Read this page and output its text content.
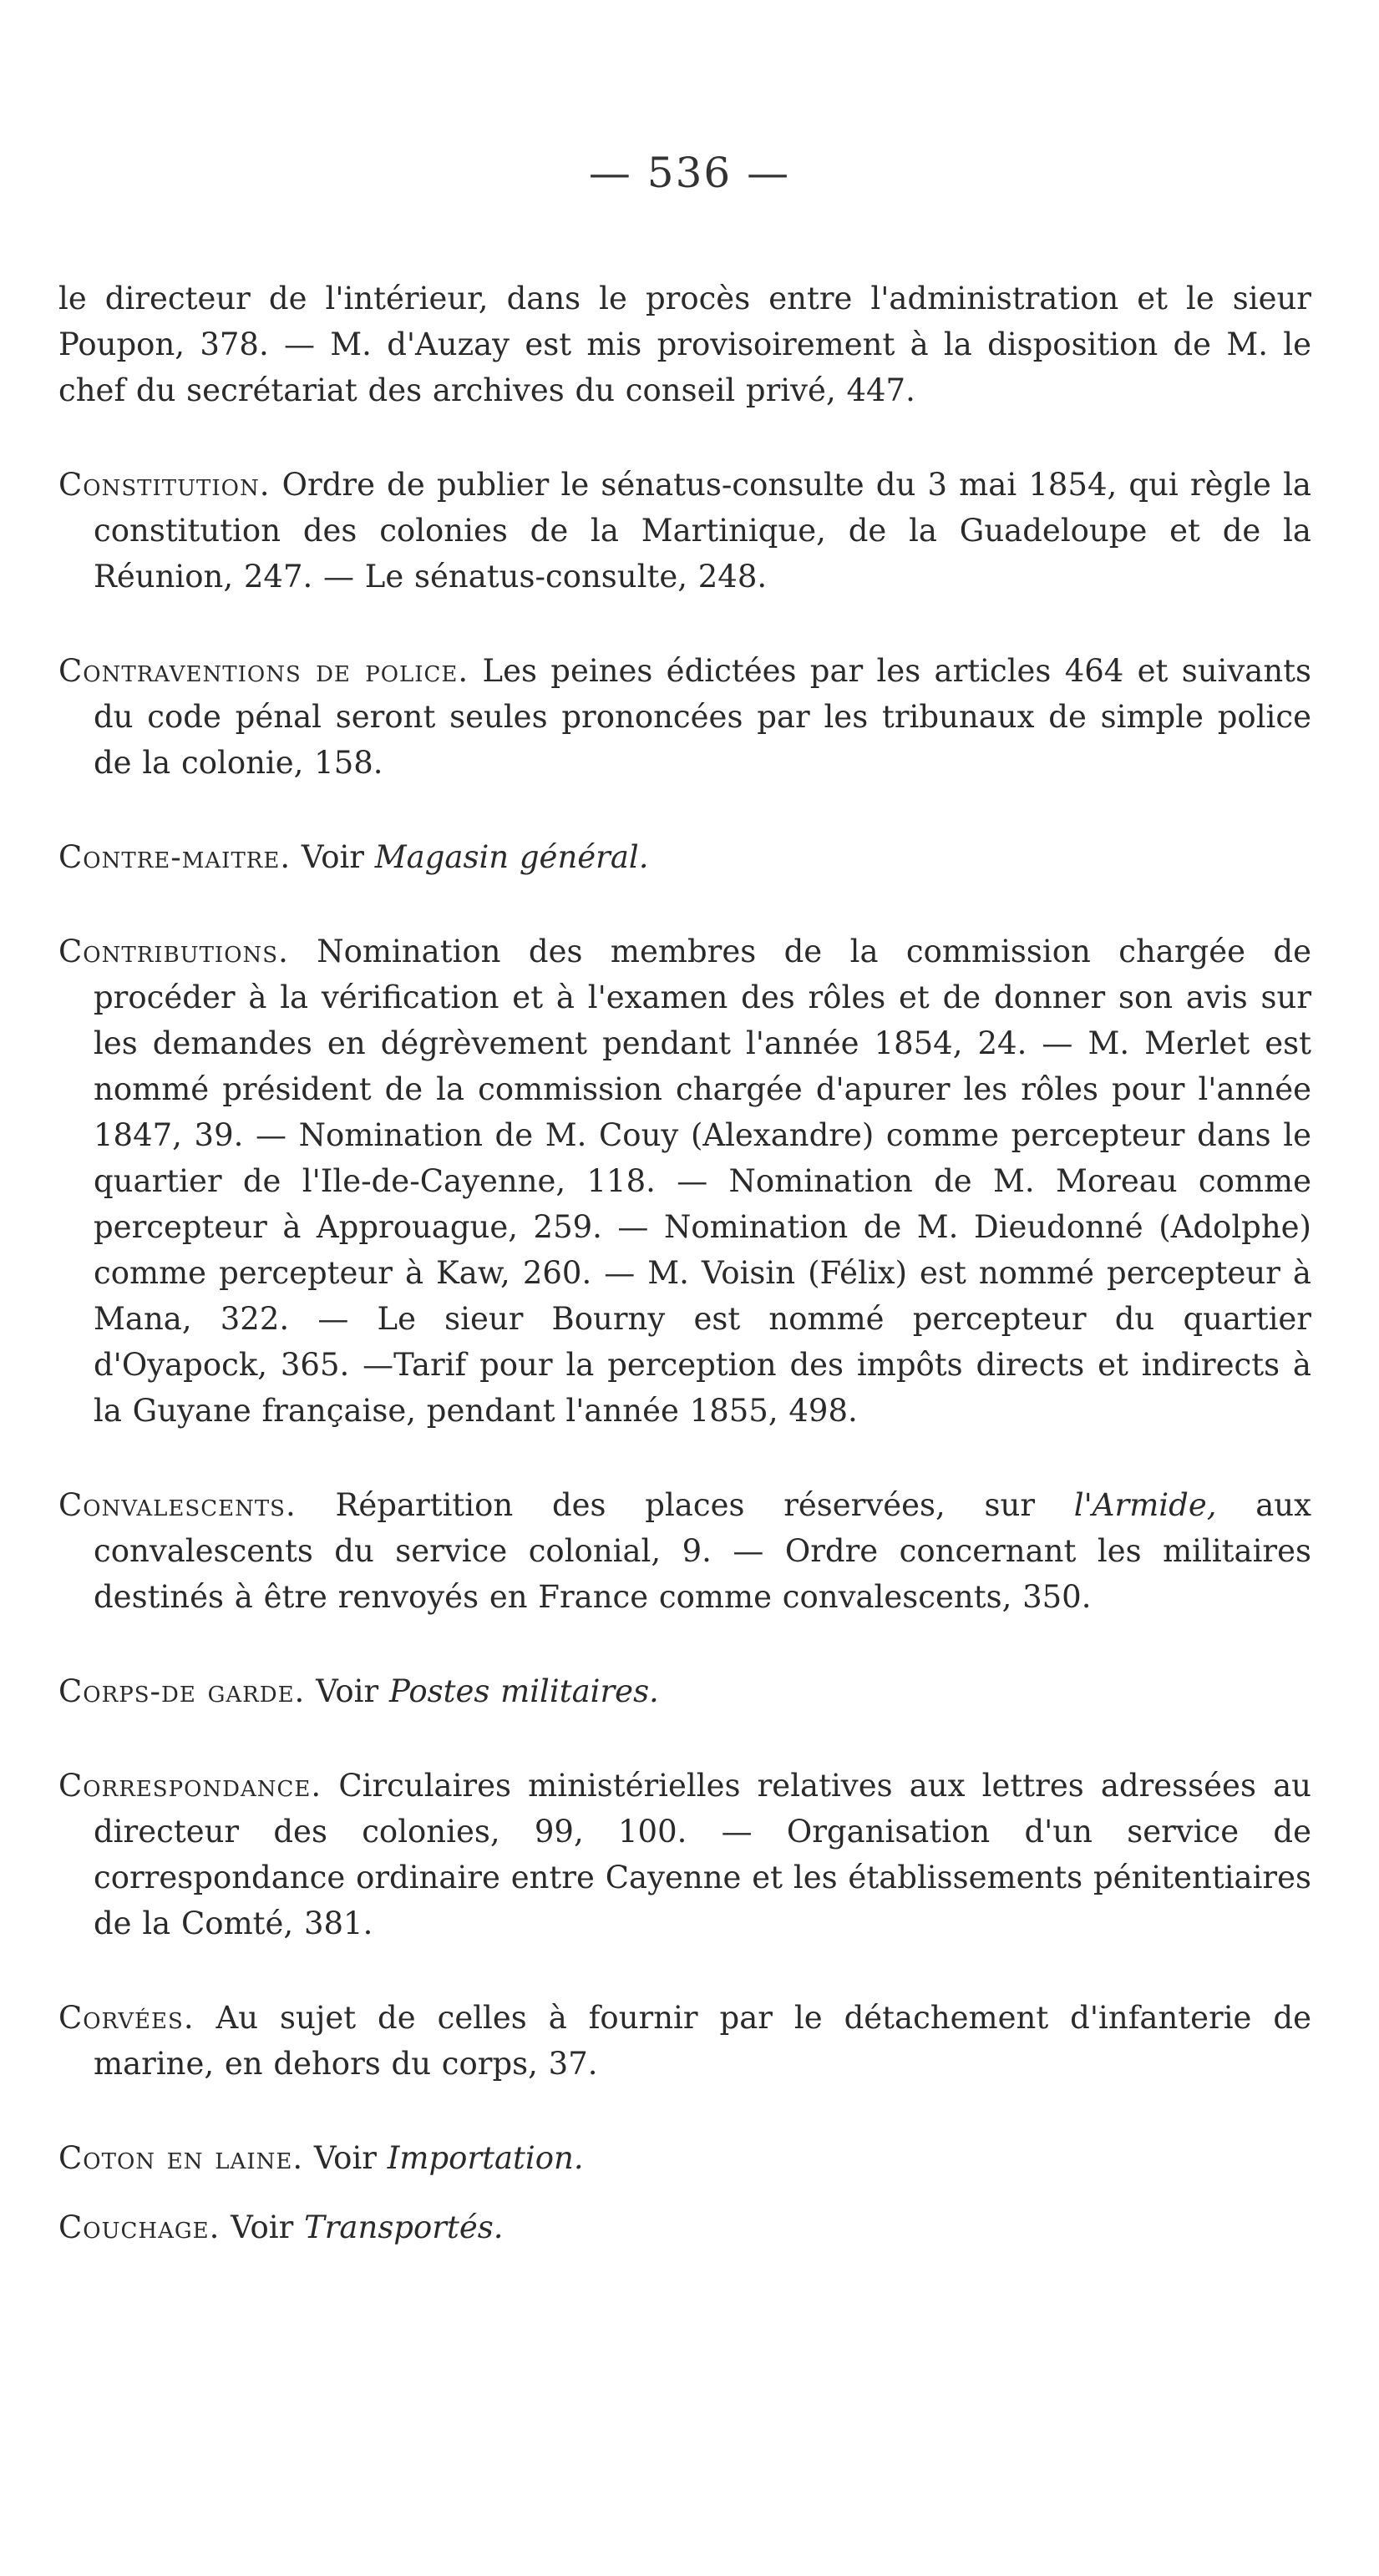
— 536 —

le directeur de l'intérieur, dans le procès entre l'administration et le sieur Poupon, 378. — M. d'Auzay est mis provisoirement à la disposition de M. le chef du secrétariat des archives du conseil privé, 447.

Constitution. Ordre de publier le sénatus-consulte du 3 mai 1854, qui règle la constitution des colonies de la Martinique, de la Guadeloupe et de la Réunion, 247. — Le sénatus-consulte, 248.

Contraventions de police. Les peines édictées par les articles 464 et suivants du code pénal seront seules prononcées par les tribunaux de simple police de la colonie, 158.

Contre-maitre. Voir Magasin général.

Contributions. Nomination des membres de la commission chargée de procéder à la vérification et à l'examen des rôles et de donner son avis sur les demandes en dégrèvement pendant l'année 1854, 24. — M. Merlet est nommé président de la commission chargée d'apurer les rôles pour l'année 1847, 39. — Nomination de M. Couy (Alexandre) comme percepteur dans le quartier de l'Ile-de-Cayenne, 118. — Nomination de M. Moreau comme percepteur à Approuague, 259. — Nomination de M. Dieudonné (Adolphe) comme percepteur à Kaw, 260. — M. Voisin (Félix) est nommé percepteur à Mana, 322. — Le sieur Bourny est nommé percepteur du quartier d'Oyapock, 365. —Tarif pour la perception des impôts directs et indirects à la Guyane française, pendant l'année 1855, 498.

Convalescents. Répartition des places réservées, sur l'Armide, aux convalescents du service colonial, 9. — Ordre concernant les militaires destinés à être renvoyés en France comme convalescents, 350.

Corps-de garde. Voir Postes militaires.

Correspondance. Circulaires ministérielles relatives aux lettres adressées au directeur des colonies, 99, 100. — Organisation d'un service de correspondance ordinaire entre Cayenne et les établissements pénitentiaires de la Comté, 381.

Corvées. Au sujet de celles à fournir par le détachement d'infanterie de marine, en dehors du corps, 37.

Coton en laine. Voir Importation.

Couchage. Voir Transportés.
